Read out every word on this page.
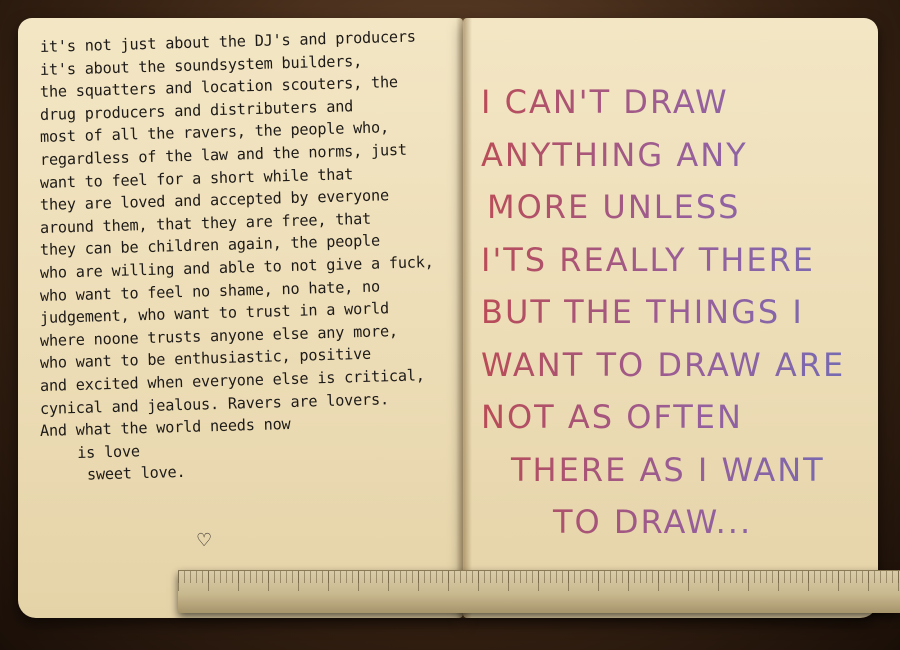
it's not just about the DJ's and producers
it's about the soundsystem builders,
the squatters and location scouters, the
drug producers and distributers and
most of all the ravers, the people who,
regardless of the law and the norms, just
want to feel for a short while that
they are loved and accepted by everyone
around them, that they are free, that
they can be children again, the people
who are willing and able to not give a fuck,
who want to feel no shame, no hate, no
judgement, who want to trust in a world
where noone trusts anyone else any more,
who want to be enthusiastic, positive
and excited when everyone else is critical,
cynical and jealous. Ravers are lovers.
And what the world needs now
is love
sweet love.
♡
I CAN'T DRAW
ANYTHING ANY
MORE UNLESS
I'TS REALLY THERE
BUT THE THINGS I
WANT TO DRAW ARE
NOT AS OFTEN
THERE AS I WANT
TO DRAW...
